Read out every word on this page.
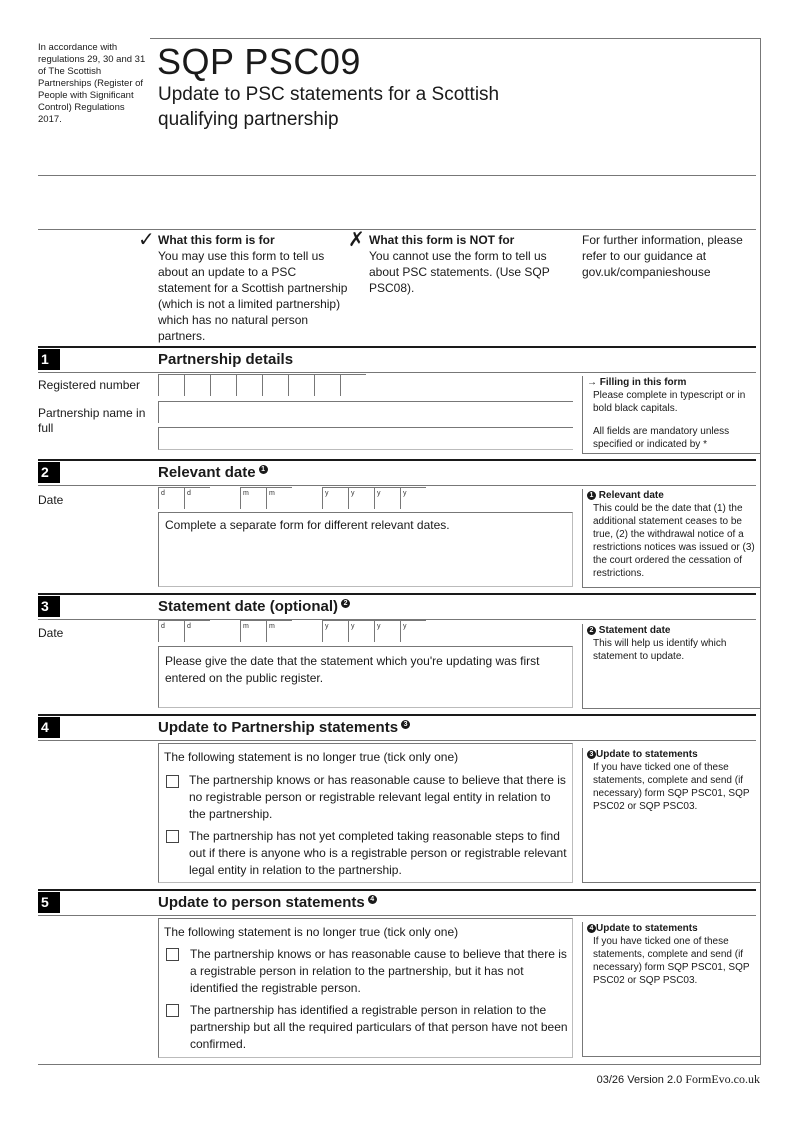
In accordance with regulations 29, 30 and 31 of The Scottish Partnerships (Register of People with Significant Control) Regulations 2017.
SQP PSC09
Update to PSC statements for a Scottish qualifying partnership
✓ What this form is for
You may use this form to tell us about an update to a PSC statement for a Scottish partnership (which is not a limited partnership) which has no natural person partners.
✗ What this form is NOT for
You cannot use the form to tell us about PSC statements. (Use SQP PSC08).
For further information, please refer to our guidance at gov.uk/companieshouse
1	Partnership details
Registered number
Partnership name in full
→ Filling in this form
Please complete in typescript or in bold black capitals.
All fields are mandatory unless specified or indicated by *
2	Relevant date 1
Date	d	d	m	m	y	y	y	y
Complete a separate form for different relevant dates.
1 Relevant date
This could be the date that (1) the additional statement ceases to be true, (2) the withdrawal notice of a restrictions notices was issued or (3) the court ordered the cessation of restrictions.
3	Statement date (optional) 2
Date	d	d	m	m	y	y	y	y
Please give the date that the statement which you're updating was first entered on the public register.
2 Statement date
This will help us identify which statement to update.
4	Update to Partnership statements 3
The following statement is no longer true (tick only one)
The partnership knows or has reasonable cause to believe that there is no registrable person or registrable relevant legal entity in relation to the partnership.
The partnership has not yet completed taking reasonable steps to find out if there is anyone who is a registrable person or registrable relevant legal entity in relation to the partnership.
3 Update to statements
If you have ticked one of these statements, complete and send (if necessary) form SQP PSC01, SQP PSC02 or SQP PSC03.
5	Update to person statements 4
The following statement is no longer true (tick only one)
The partnership knows or has reasonable cause to believe that there is a registrable person in relation to the partnership, but it has not identified the registrable person.
The partnership has identified a registrable person in relation to the partnership but all the required particulars of that person have not been confirmed.
4 Update to statements
If you have ticked one of these statements, complete and send (if necessary) form SQP PSC01, SQP PSC02 or SQP PSC03.
03/26 Version 2.0 FormEvo.co.uk
